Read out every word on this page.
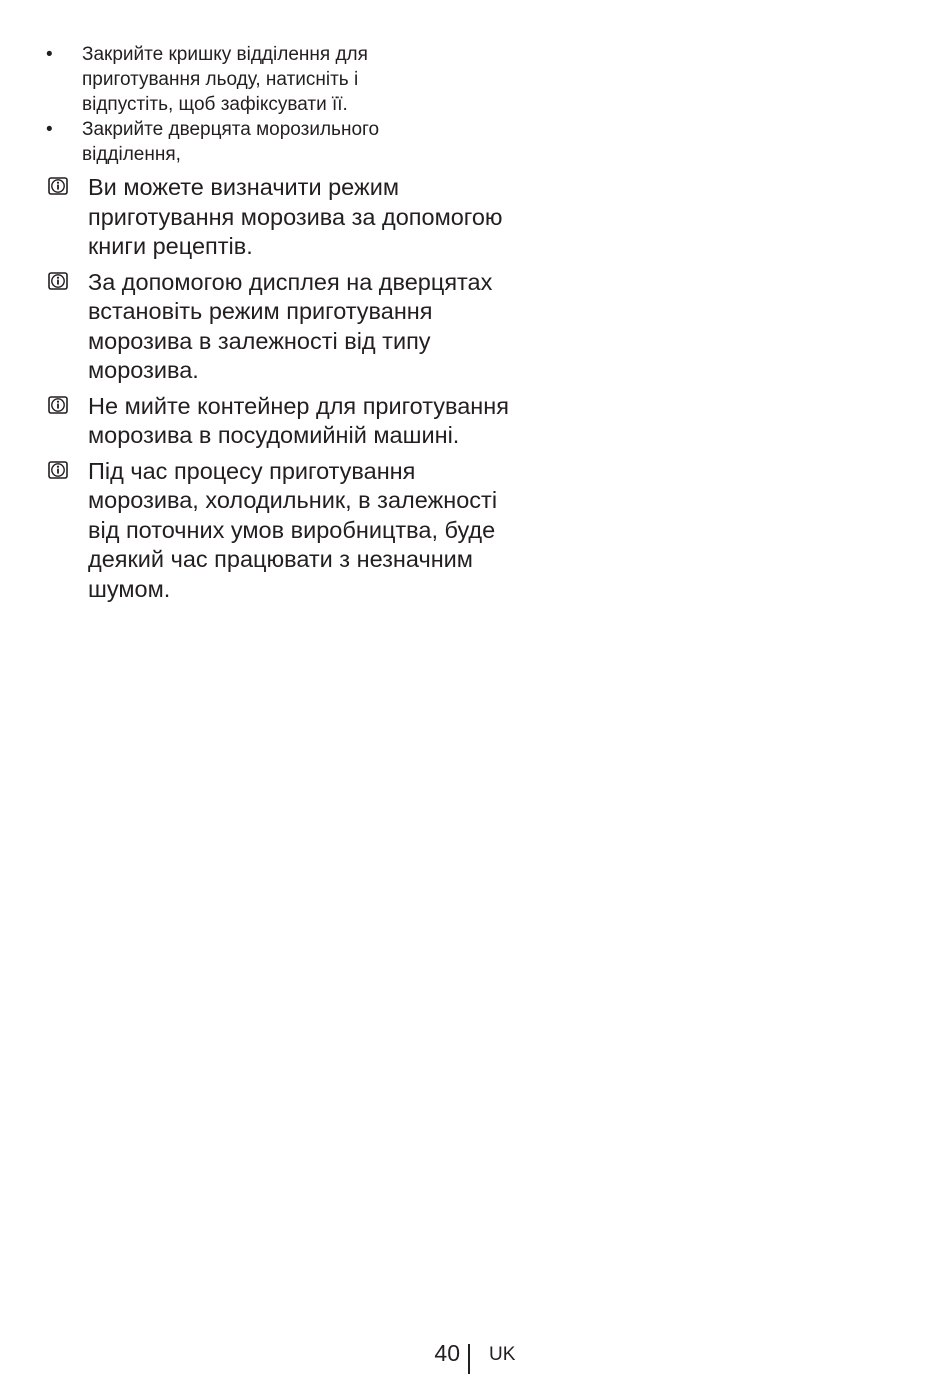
• Закрийте кришку відділення для приготування льоду, натисніть і відпустіть, щоб зафіксувати її.
• Закрийте дверцята морозильного відділення,
Ви можете визначити режим приготування морозива за допомогою книги рецептів.
За допомогою дисплея на дверцятах встановіть режим приготування морозива в залежності від типу морозива.
Не мийте контейнер для приготування морозива в посудомийній машині.
Під час процесу приготування морозива, холодильник, в залежності від поточних умов виробництва, буде деякий час працювати з незначним шумом.
40 UK
